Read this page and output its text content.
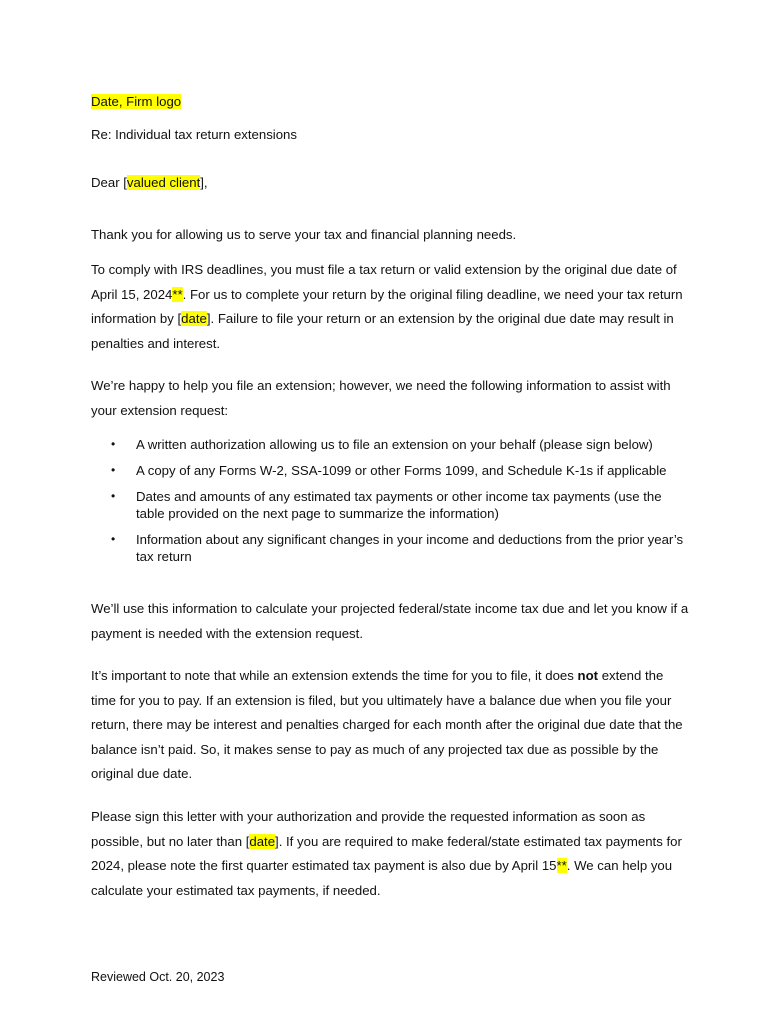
Date, Firm logo
Re: Individual tax return extensions
Dear [valued client],
Thank you for allowing us to serve your tax and financial planning needs.
To comply with IRS deadlines, you must file a tax return or valid extension by the original due date of April 15, 2024**. For us to complete your return by the original filing deadline, we need your tax return information by [date]. Failure to file your return or an extension by the original due date may result in penalties and interest.
We’re happy to help you file an extension; however, we need the following information to assist with your extension request:
• A written authorization allowing us to file an extension on your behalf (please sign below)
• A copy of any Forms W-2, SSA-1099 or other Forms 1099, and Schedule K-1s if applicable
• Dates and amounts of any estimated tax payments or other income tax payments (use the table provided on the next page to summarize the information)
• Information about any significant changes in your income and deductions from the prior year’s tax return
We’ll use this information to calculate your projected federal/state income tax due and let you know if a payment is needed with the extension request.
It’s important to note that while an extension extends the time for you to file, it does not extend the time for you to pay. If an extension is filed, but you ultimately have a balance due when you file your return, there may be interest and penalties charged for each month after the original due date that the balance isn’t paid. So, it makes sense to pay as much of any projected tax due as possible by the original due date.
Please sign this letter with your authorization and provide the requested information as soon as possible, but no later than [date]. If you are required to make federal/state estimated tax payments for 2024, please note the first quarter estimated tax payment is also due by April 15**. We can help you calculate your estimated tax payments, if needed.
Reviewed Oct. 20, 2023
